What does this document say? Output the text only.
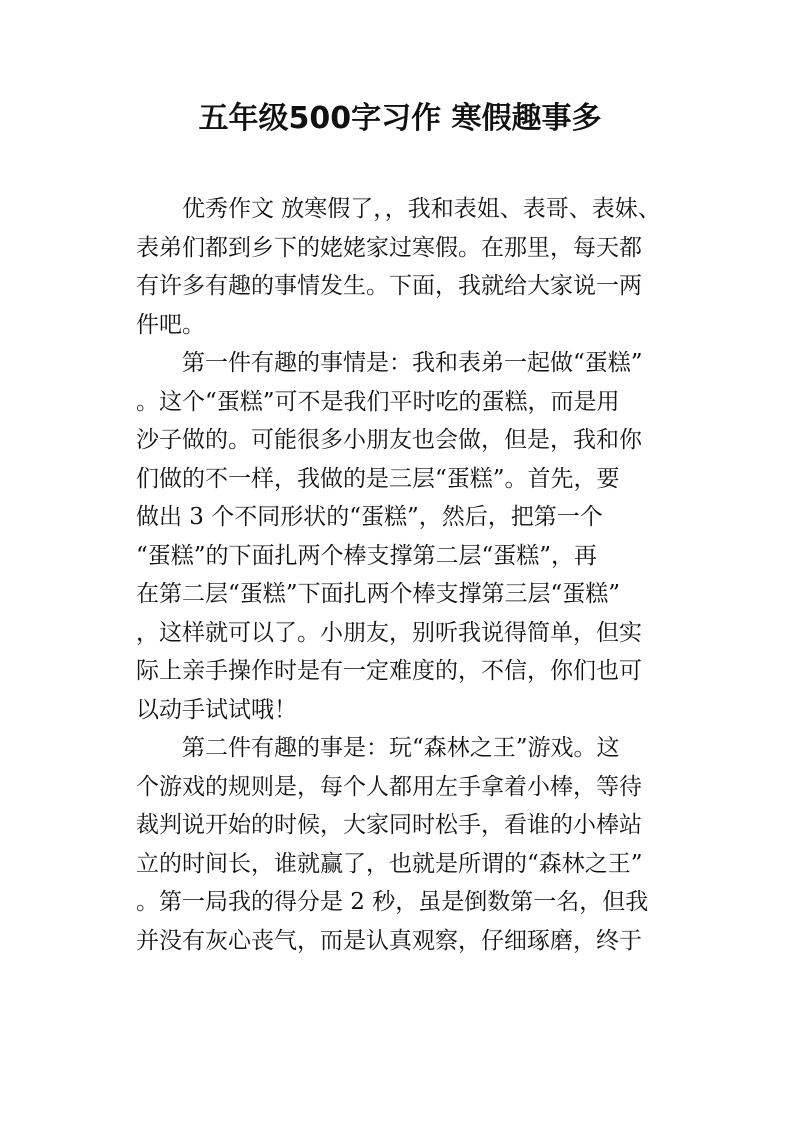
五年级500字习作 寒假趣事多
优秀作文 放寒假了，，我和表姐、表哥、表妹、
表弟们都到乡下的姥姥家过寒假。在那里，每天都
有许多有趣的事情发生。下面，我就给大家说一两
件吧。
第一件有趣的事情是：我和表弟一起做“蛋糕”
。这个“蛋糕”可不是我们平时吃的蛋糕，而是用
沙子做的。可能很多小朋友也会做，但是，我和你
们做的不一样，我做的是三层“蛋糕”。首先，要
做出 3 个不同形状的“蛋糕”，然后，把第一个
“蛋糕”的下面扎两个棒支撑第二层“蛋糕”，再
在第二层“蛋糕”下面扎两个棒支撑第三层“蛋糕”
，这样就可以了。小朋友，别听我说得简单，但实
际上亲手操作时是有一定难度的，不信，你们也可
以动手试试哦！
第二件有趣的事是：玩“森林之王”游戏。这
个游戏的规则是，每个人都用左手拿着小棒，等待
裁判说开始的时候，大家同时松手，看谁的小棒站
立的时间长，谁就赢了，也就是所谓的“森林之王”
。第一局我的得分是 2 秒，虽是倒数第一名，但我
并没有灰心丧气，而是认真观察，仔细琢磨，终于
